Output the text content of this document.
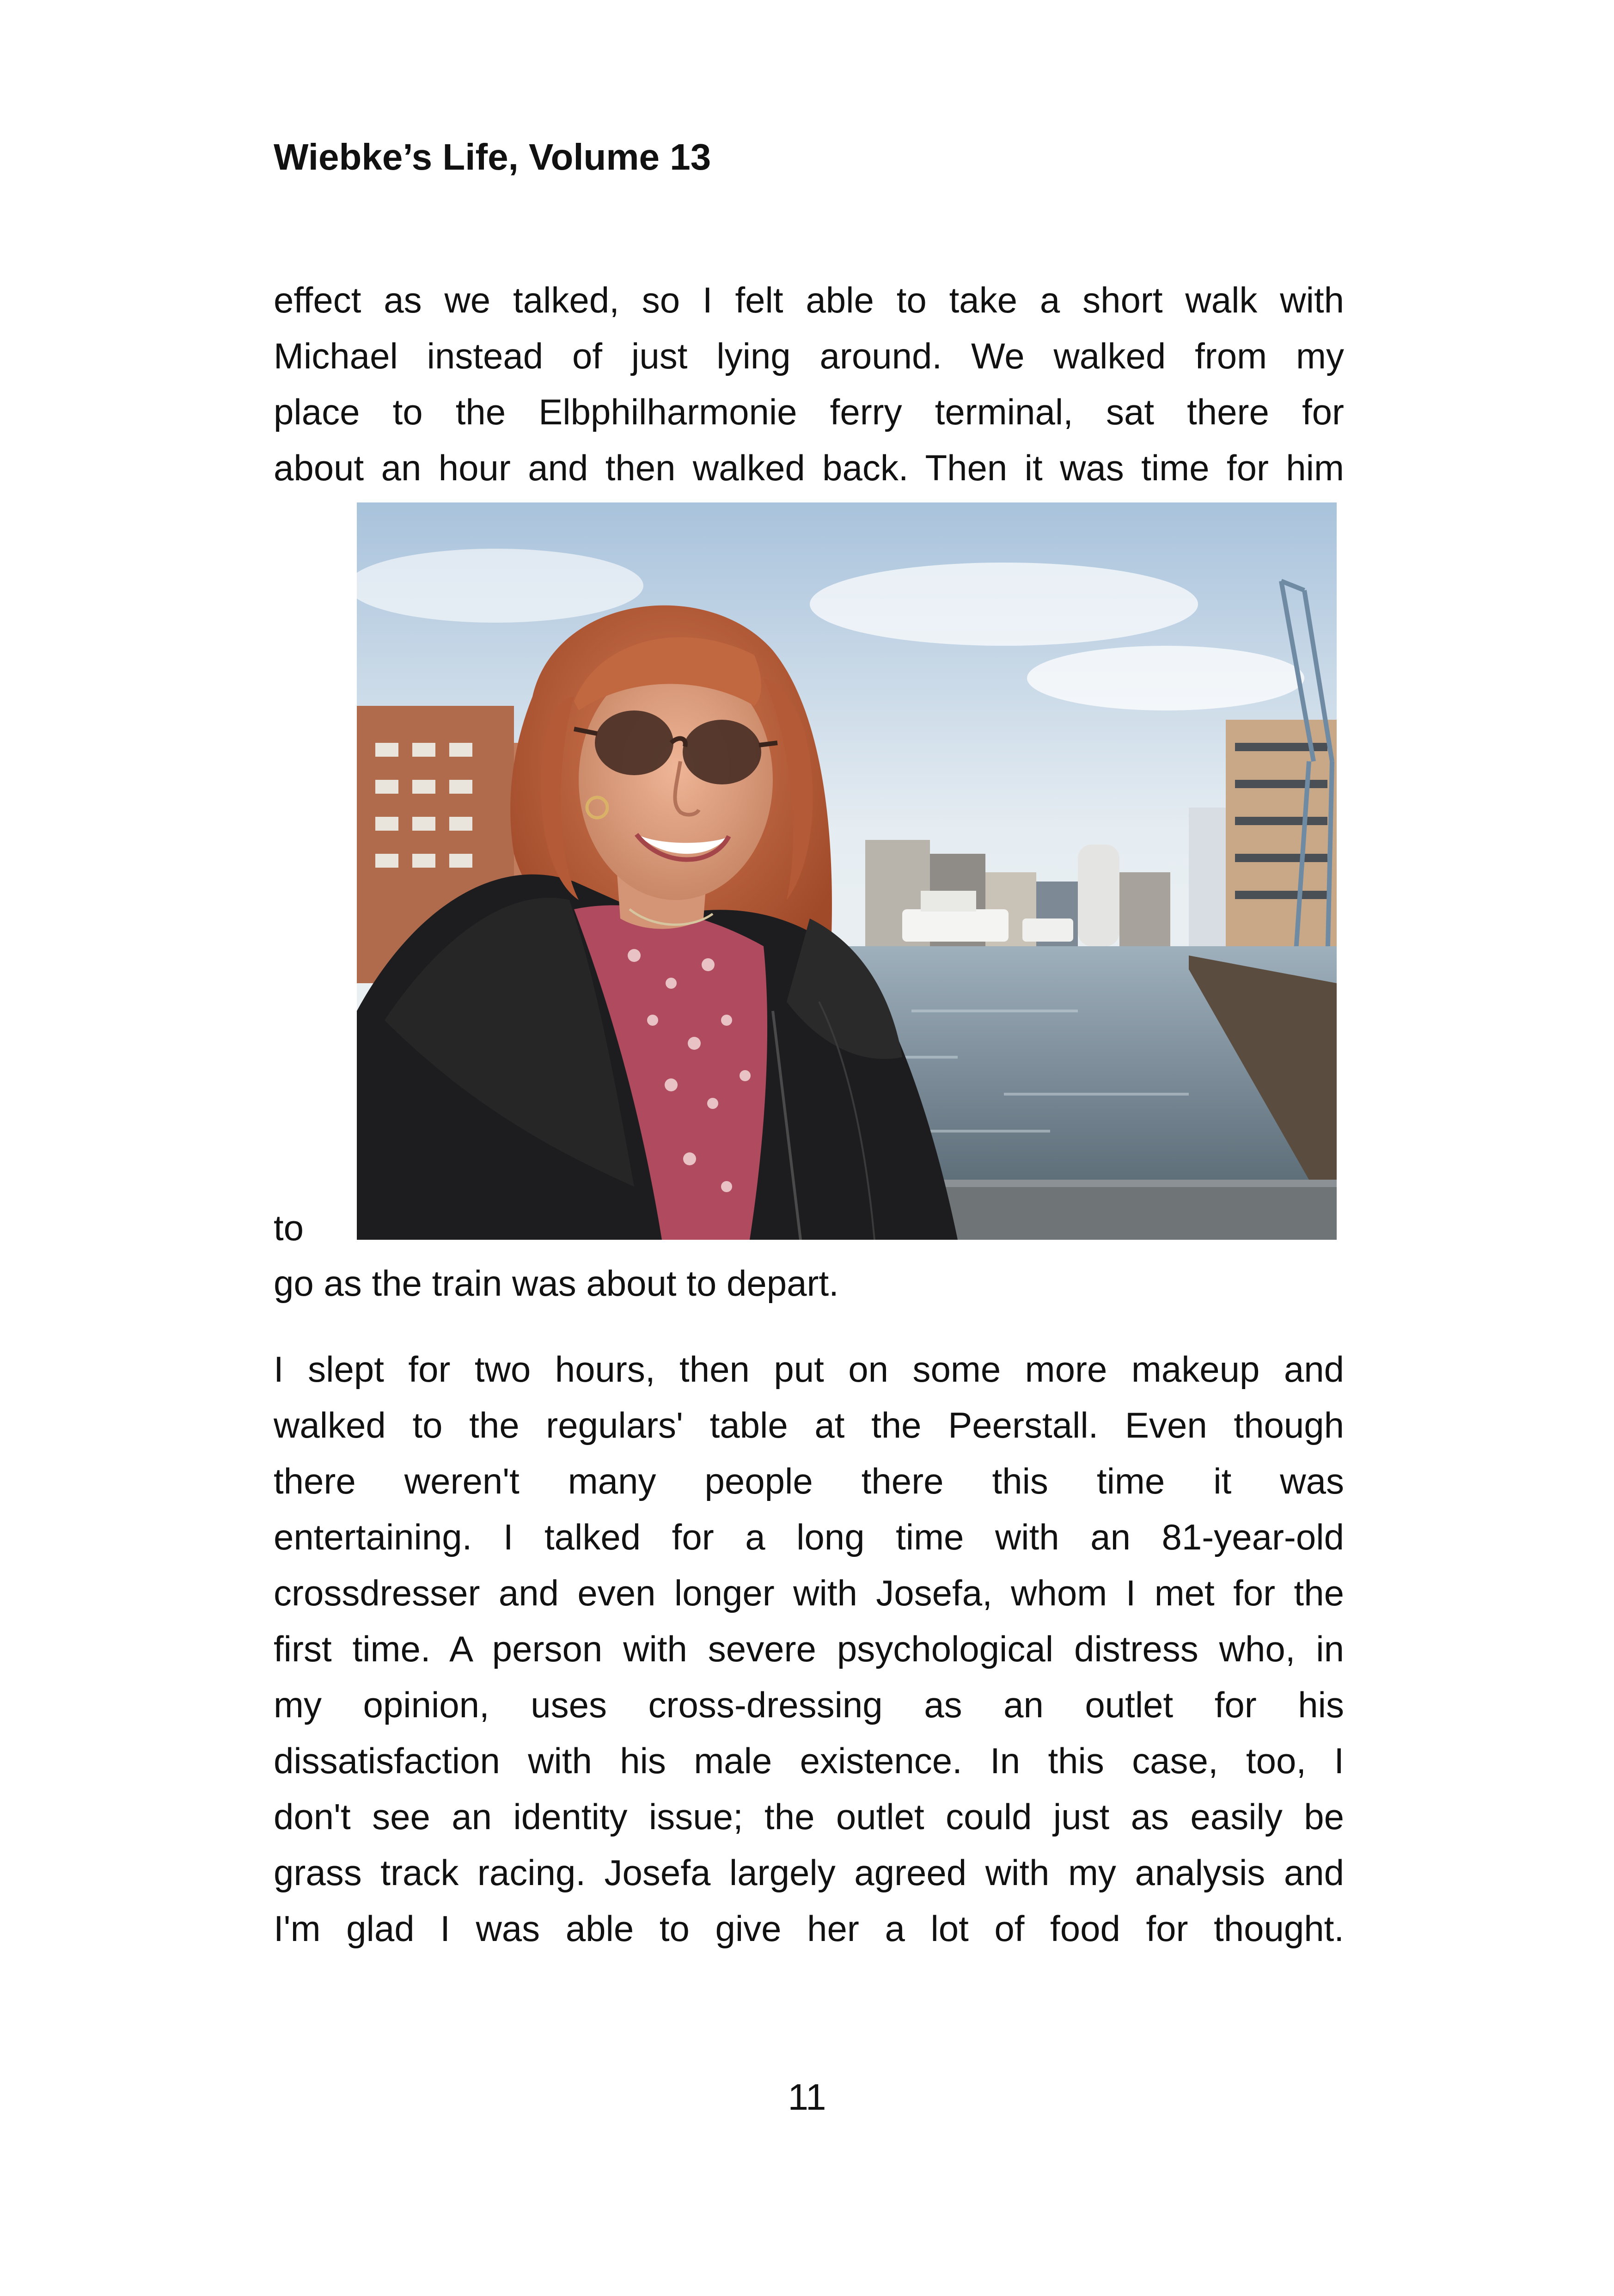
Wiebke’s Life, Volume 13
effect as we talked, so I felt able to take a short walk with
Michael instead of just lying around. We walked from my
place to the Elbphilharmonie ferry terminal, sat there for
about an hour and then walked back. Then it was time for him
to
go as the train was about to depart.
I slept for two hours, then put on some more makeup and
walked to the regulars' table at the Peerstall. Even though
there weren't many people there this time it was
entertaining. I talked for a long time with an 81-year-old
crossdresser and even longer with Josefa, whom I met for the
first time. A person with severe psychological distress who, in
my opinion, uses cross-dressing as an outlet for his
dissatisfaction with his male existence. In this case, too, I
don't see an identity issue; the outlet could just as easily be
grass track racing. Josefa largely agreed with my analysis and
I'm glad I was able to give her a lot of food for thought.
11
